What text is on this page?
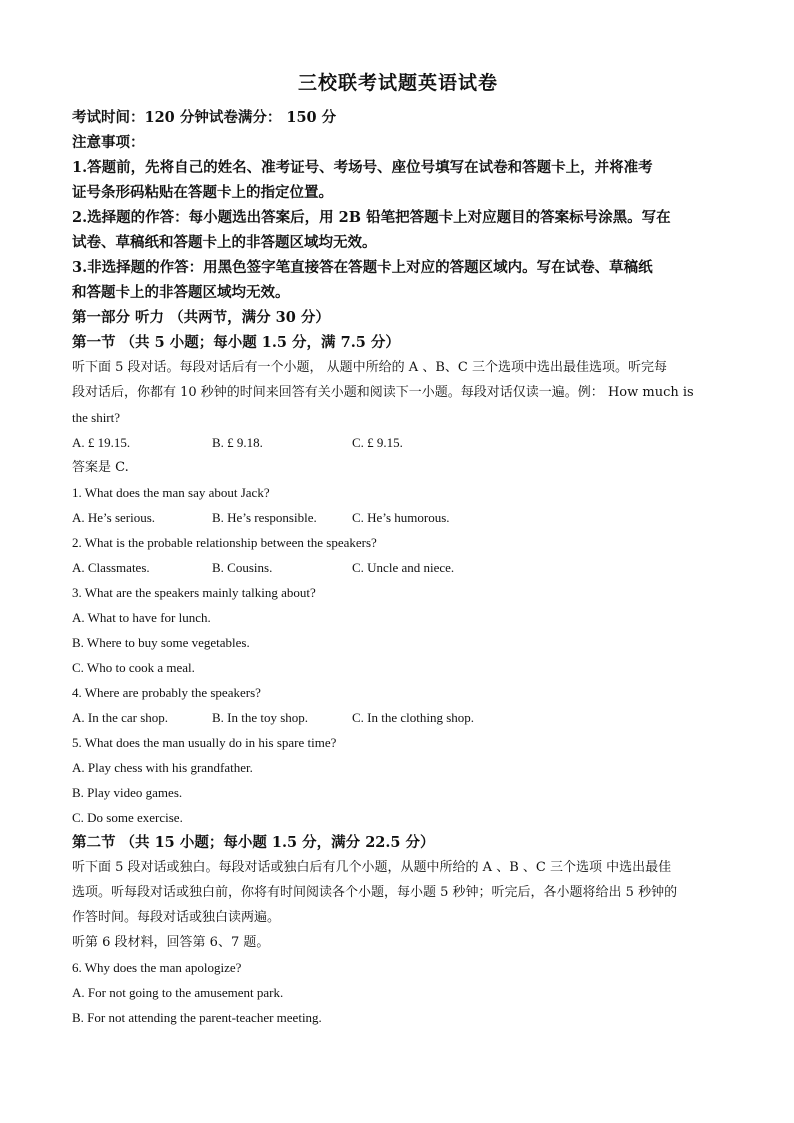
三校联考试题英语试卷
考试时间：120 分钟试卷满分： 150 分
注意事项：
1.答题前，先将自己的姓名、准考证号、考场号、座位号填写在试卷和答题卡上，并将准考
证号条形码粘贴在答题卡上的指定位置。
2.选择题的作答：每小题选出答案后，用 2B 铅笔把答题卡上对应题目的答案标号涂黑。写在
试卷、草稿纸和答题卡上的非答题区域均无效。
3.非选择题的作答：用黑色签字笔直接答在答题卡上对应的答题区域内。写在试卷、草稿纸
和答题卡上的非答题区域均无效。
第一部分 听力 （共两节，满分 30 分）
第一节 （共 5 小题；每小题 1.5 分，满 7.5 分）
听下面 5 段对话。每段对话后有一个小题， 从题中所给的 A 、B、C 三个选项中选出最佳选项。听完每
段对话后，你都有 10 秒钟的时间来回答有关小题和阅读下一小题。每段对话仅读一遍。例： How much is
the shirt?
A. £ 19.15.	B. £ 9.18.	C. £ 9.15.
答案是 C.
1. What does the man say about Jack?
A. He’s serious.	B. He’s responsible.	C. He’s humorous.
2. What is the probable relationship between the speakers?
A. Classmates.	B. Cousins.	C. Uncle and niece.
3. What are the speakers mainly talking about?
A. What to have for lunch.
B. Where to buy some vegetables.
C. Who to cook a meal.
4. Where are probably the speakers?
A. In the car shop.	B. In the toy shop.	C. In the clothing shop.
5. What does the man usually do in his spare time?
A. Play chess with his grandfather.
B. Play video games.
C. Do some exercise.
第二节 （共 15 小题；每小题 1.5 分，满分 22.5 分）
听下面 5 段对话或独白。每段对话或独白后有几个小题，从题中所给的 A 、B 、C 三个选项 中选出最佳
选项。听每段对话或独白前，你将有时间阅读各个小题，每小题 5 秒钟；听完后，各小题将给出 5 秒钟的
作答时间。每段对话或独白读两遍。
听第 6 段材料，回答第 6、7 题。
6. Why does the man apologize?
A. For not going to the amusement park.
B. For not attending the parent-teacher meeting.
